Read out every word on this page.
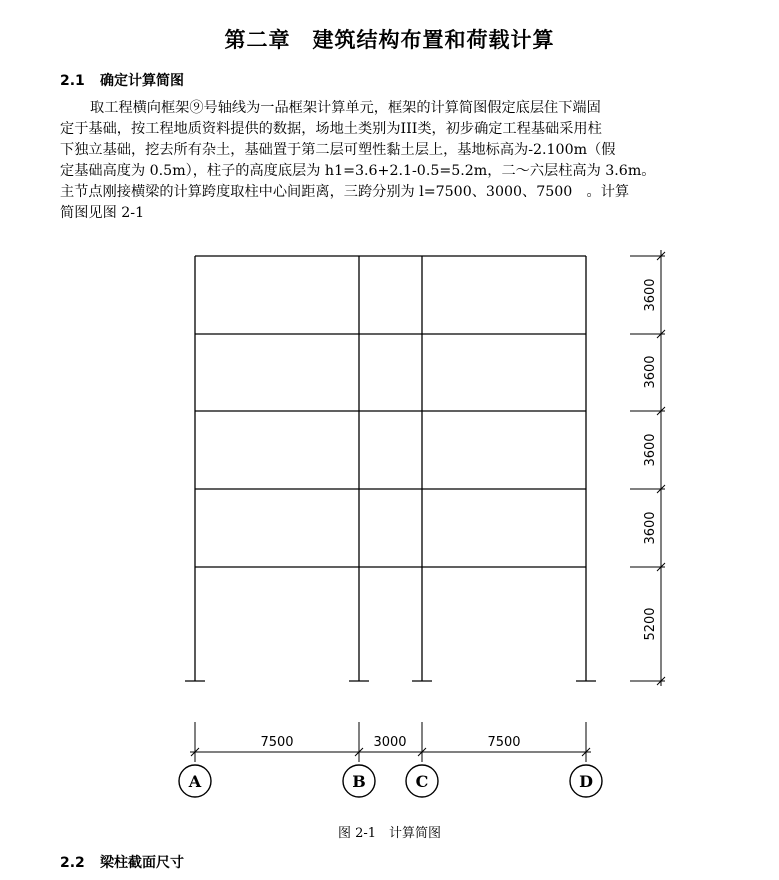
第二章　建筑结构布置和荷载计算
2.1 确定计算简图
取工程横向框架⑨号轴线为一品框架计算单元，框架的计算简图假定底层住下端固
定于基础，按工程地质资料提供的数据，场地土类别为III类，初步确定工程基础采用柱
下独立基础，挖去所有杂土，基础置于第二层可塑性黏土层上，基地标高为-2.100m（假
定基础高度为 0.5m），柱子的高度底层为 h1=3.6+2.1-0.5=5.2m，二～六层柱高为 3.6m。
主节点刚接横梁的计算跨度取柱中心间距离，三跨分别为 l=7500、3000、7500　。计算
简图见图 2-1
3600
3600
3600
3600
5200
7500	3000	7500
A	B	C	D
图 2-1　计算简图
2.2 梁柱截面尺寸
